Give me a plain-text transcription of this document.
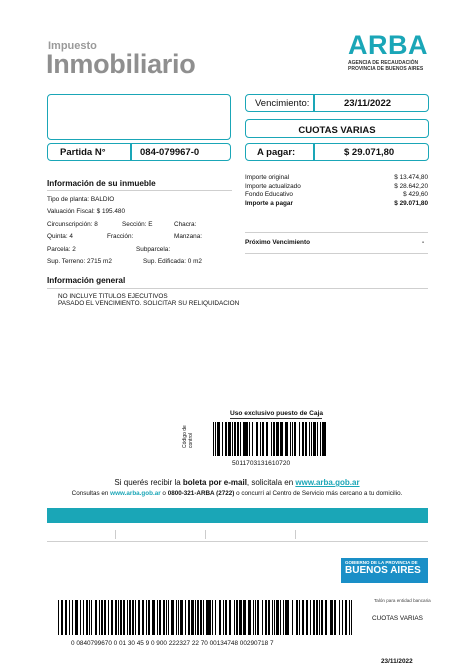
Impuesto
Inmobiliario
ARBA
AGENCIA DE RECAUDACIÓN
PROVINCIA DE BUENOS AIRES
Partida N°	084-079967-0
Vencimiento:	23/11/2022
CUOTAS VARIAS
A pagar:	$ 29.071,80
Información de su inmueble
Tipo de planta: BALDIO
Valuación Fiscal: $ 195.480
Circunscripción: 8	Sección: E	Chacra:
Quinta: 4	Fracción:	Manzana:
Parcela: 2	Subparcela:
Sup. Terreno: 2715 m2	Sup. Edificada: 0 m2
Importe original	$ 13.474,80
Importe actualizado	$ 28.642,20
Fondo Educativo	$ 429,60
Importe a pagar	$ 29.071,80
Próximo Vencimiento	-
Información general
NO INCLUYE TITULOS EJECUTIVOS
PASADO EL VENCIMIENTO. SOLICITAR SU RELIQUIDACION
Uso exclusivo puesto de Caja
Código de control
5011703131610720
Si querés recibir la boleta por e-mail, solicitala en www.arba.gob.ar
Consultas en www.arba.gob.ar o 0800-321-ARBA (2722) o concurrí al Centro de Servicio más cercano a tu domicilio.
GOBIERNO DE LA PROVINCIA DE
BUENOS AIRES
Talón para entidad bancaria
CUOTAS VARIAS
23/11/2022
0 0840799670 0 01 30 45 9 0 900 222327 22 70 00134748 00290718 7
